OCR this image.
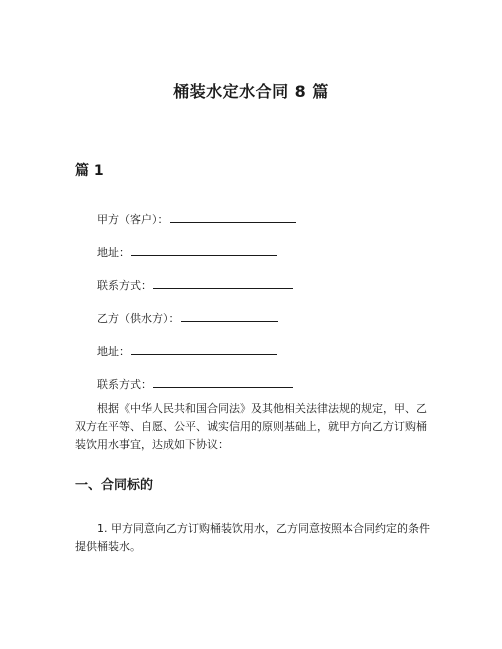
桶装水定水合同 8 篇
篇 1
甲方（客户）：
地址：
联系方式：
乙方（供水方）：
地址：
联系方式：
根据《中华人民共和国合同法》及其他相关法律法规的规定，甲、乙双方在平等、自愿、公平、诚实信用的原则基础上，就甲方向乙方订购桶装饮用水事宜，达成如下协议：
一、合同标的
1. 甲方同意向乙方订购桶装饮用水，乙方同意按照本合同约定的条件提供桶装水。
